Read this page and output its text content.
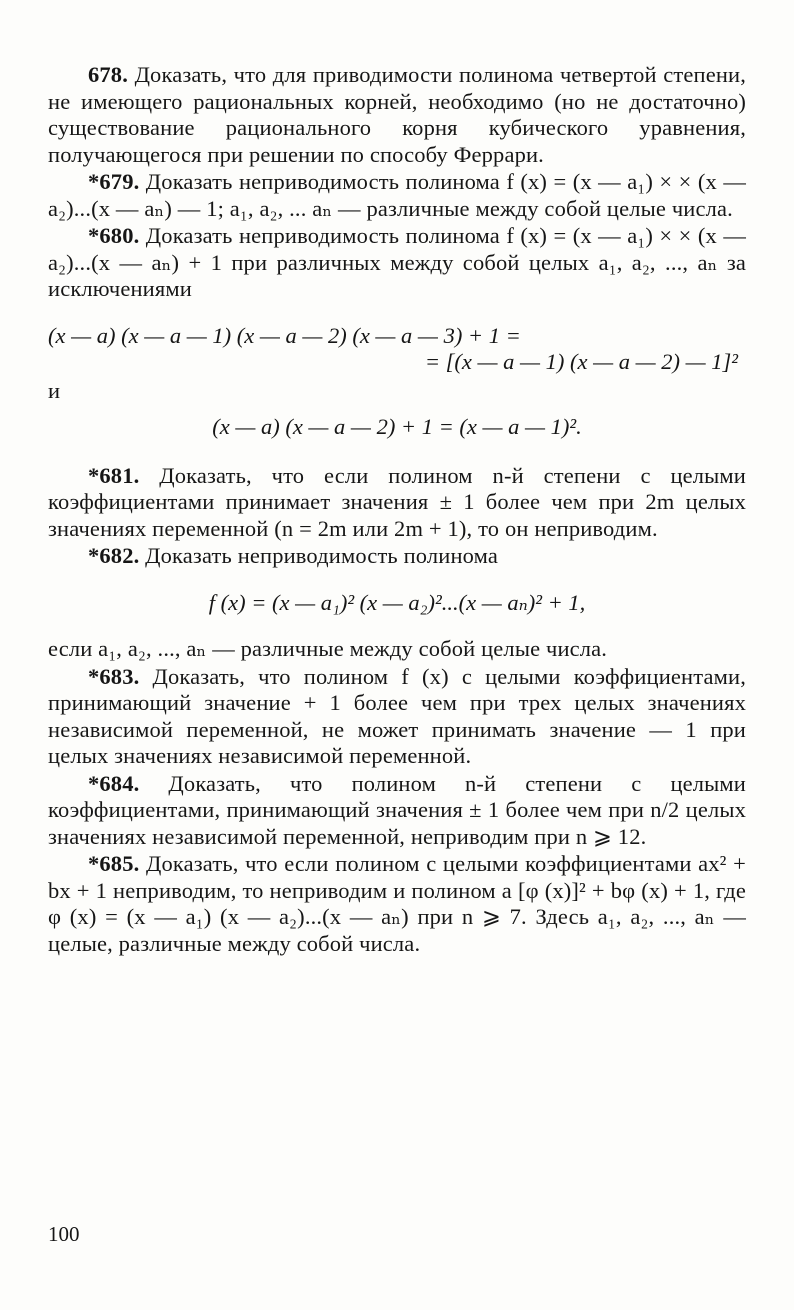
678. Доказать, что для приводимости полинома четвертой степени, не имеющего рациональных корней, необходимо (но не достаточно) существование рационального корня кубического уравнения, получающегося при решении по способу Феррари.

*679. Доказать неприводимость полинома f (x) = (x — a₁) × × (x — a₂)...(x — aₙ) — 1; a₁, a₂, ... aₙ — различные между собой целые числа.

*680. Доказать неприводимость полинома f (x) = (x — a₁) × × (x — a₂)...(x — aₙ) + 1 при различных между собой целых a₁, a₂, ..., aₙ за исключениями

(x — a) (x — a — 1) (x — a — 2) (x — a — 3) + 1 =

= [(x — a — 1) (x — a — 2) — 1]²

и

(x — a) (x — a — 2) + 1 = (x — a — 1)².

*681. Доказать, что если полином n-й степени с целыми коэффициентами принимает значения ± 1 более чем при 2m целых значениях переменной (n = 2m или 2m + 1), то он неприводим.

*682. Доказать неприводимость полинома

f (x) = (x — a₁)² (x — a₂)²...(x — aₙ)² + 1,

если a₁, a₂, ..., aₙ — различные между собой целые числа.

*683. Доказать, что полином f (x) с целыми коэффициентами, принимающий значение + 1 более чем при трех целых значениях независимой переменной, не может принимать значение — 1 при целых значениях независимой переменной.

*684. Доказать, что полином n-й степени с целыми коэффициентами, принимающий значения ± 1 более чем при n/2 целых значениях независимой переменной, неприводим при n ⩾ 12.

*685. Доказать, что если полином с целыми коэффициентами ax² + bx + 1 неприводим, то неприводим и полином a [φ (x)]² + bφ (x) + 1, где φ (x) = (x — a₁) (x — a₂)...(x — aₙ) при n ⩾ 7. Здесь a₁, a₂, ..., aₙ — целые, различные между собой числа.

100
